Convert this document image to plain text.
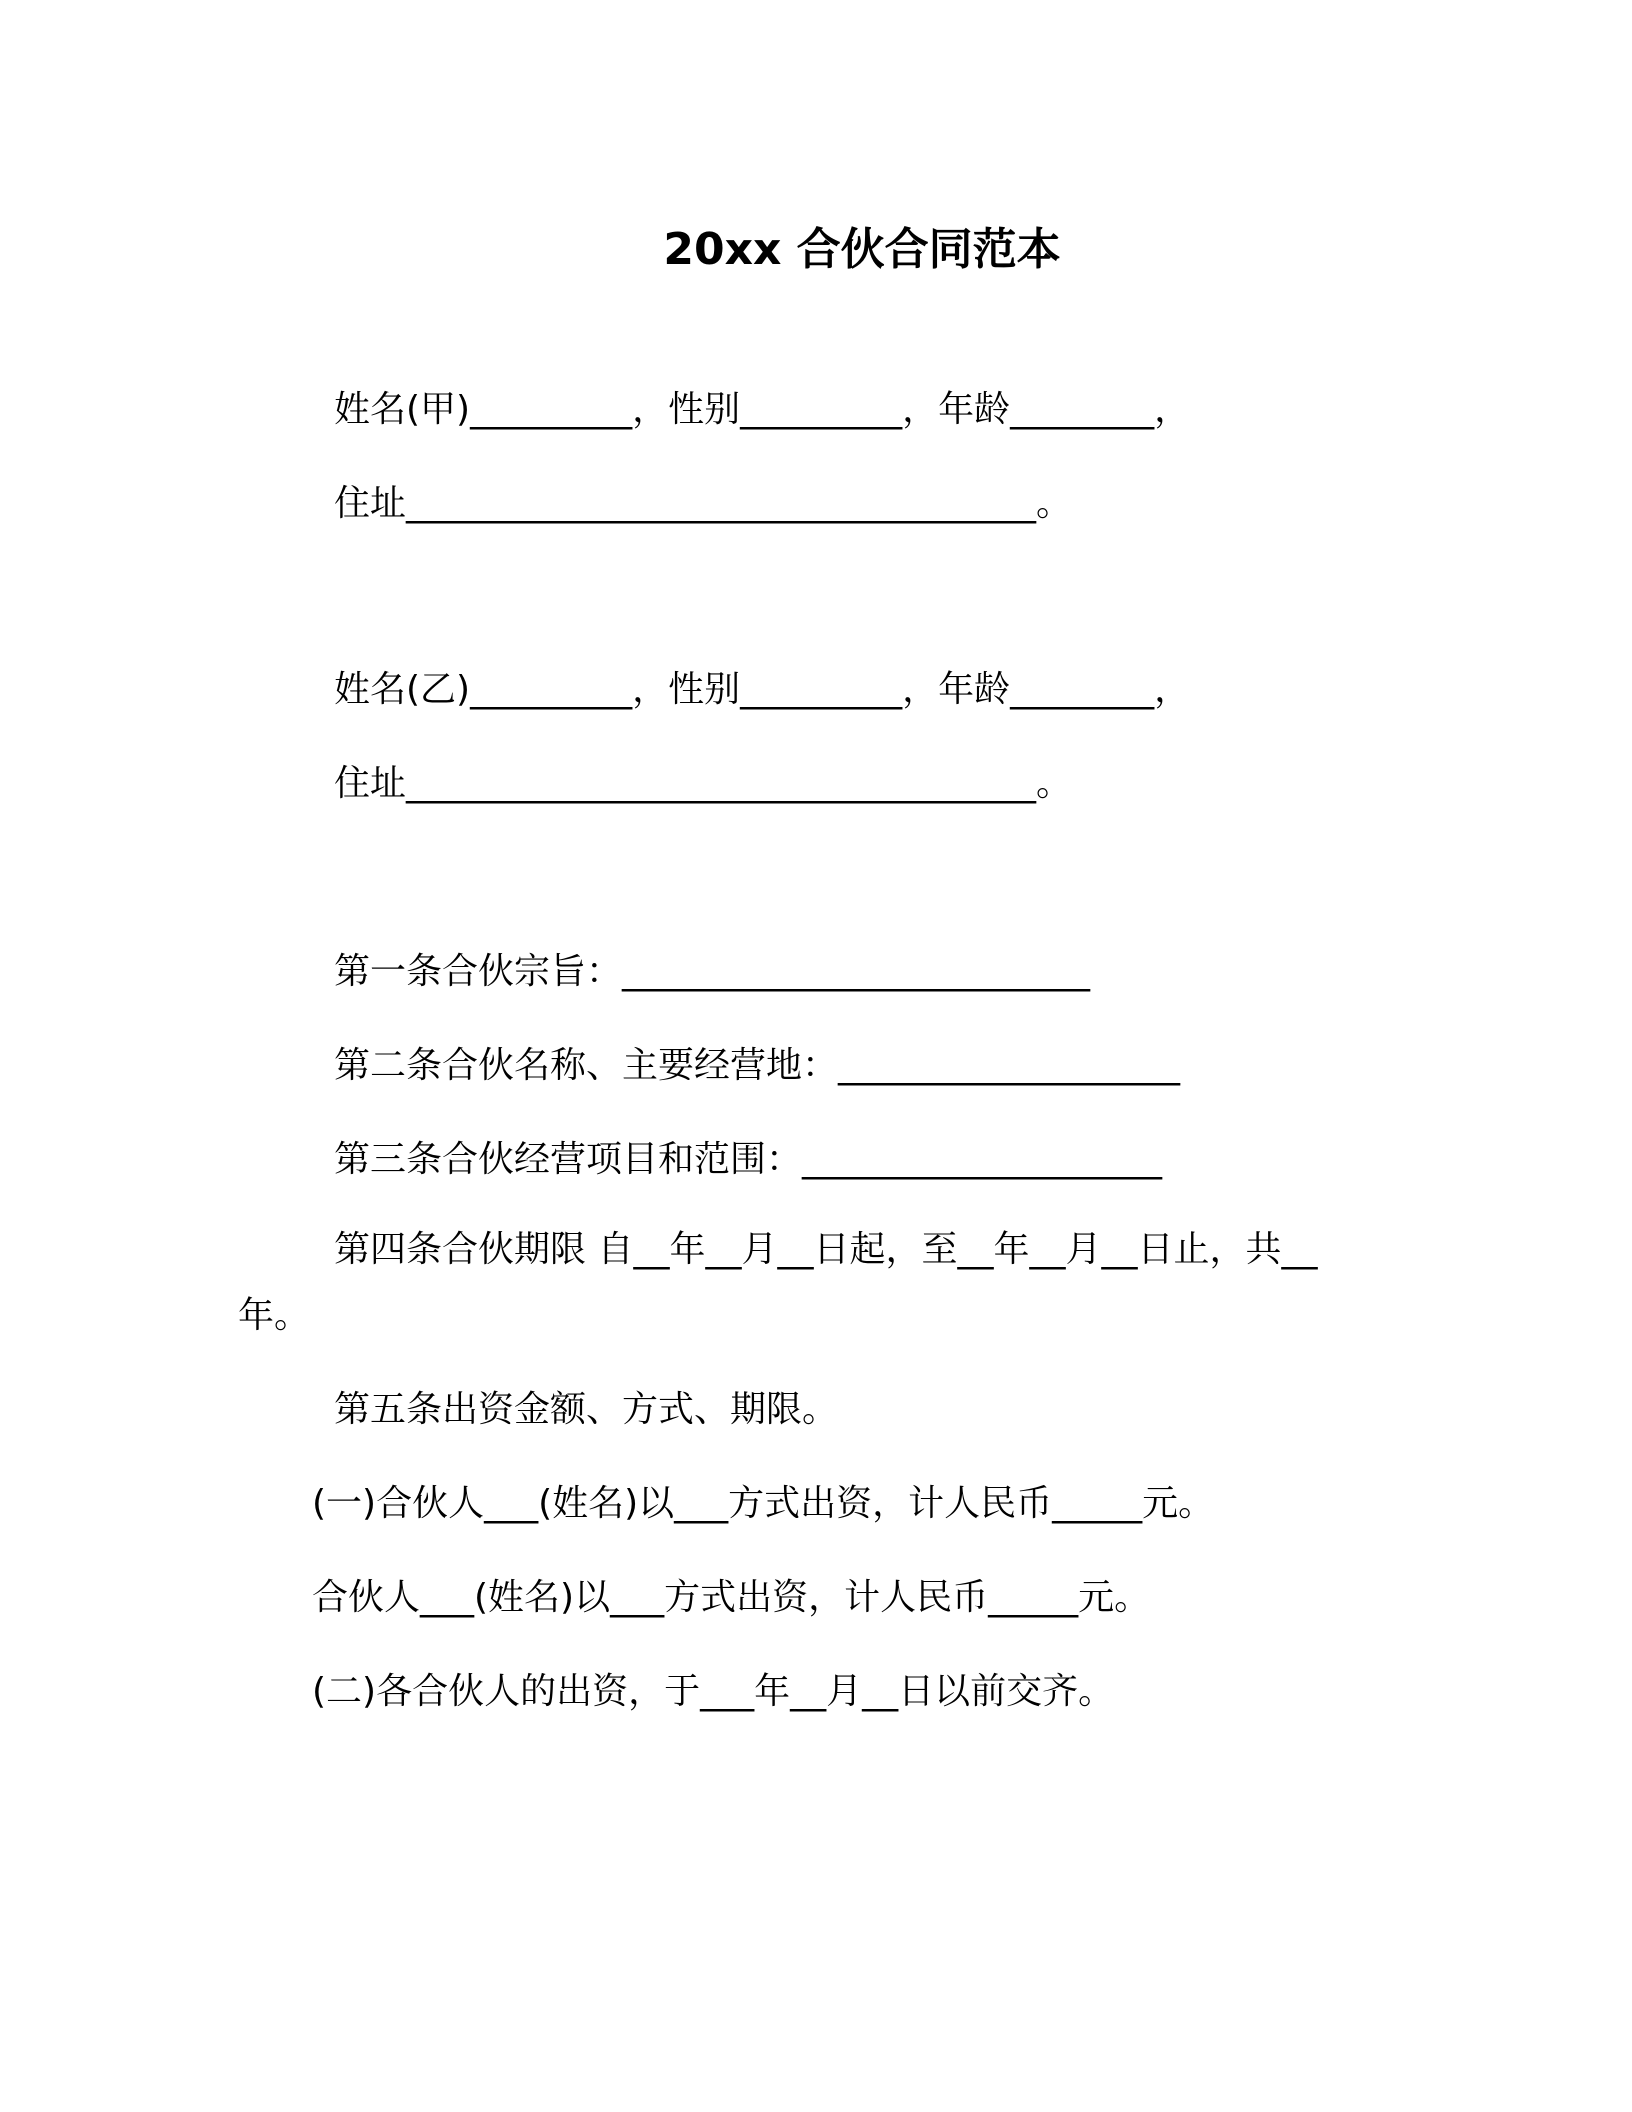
20xx 合伙合同范本
姓名(甲)_________，性别_________，年龄________，
住址___________________________________。
姓名(乙)_________，性别_________，年龄________，
住址___________________________________。
第一条合伙宗旨：__________________________
第二条合伙名称、主要经营地：___________________
第三条合伙经营项目和范围：____________________
第四条合伙期限 自__年__月__日起，至__年__月__日止，共__
年。
第五条出资金额、方式、期限。
(一)合伙人___(姓名)以___方式出资，计人民币_____元。
合伙人___(姓名)以___方式出资，计人民币_____元。
(二)各合伙人的出资，于___年__月__日以前交齐。
